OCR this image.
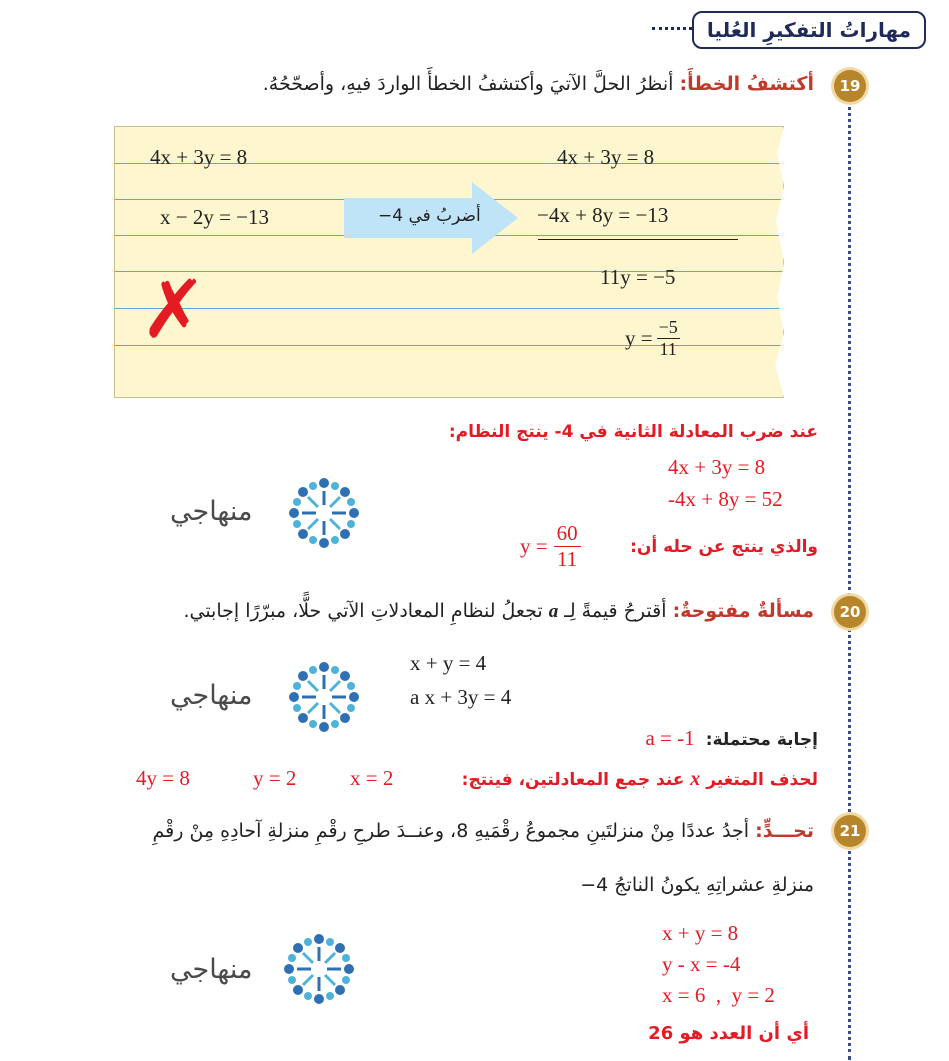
مهاراتُ التفكيرِ العُليا
19
أكتشفُ الخطأَ: أنظرُ الحلَّ الآتيَ وأكتشفُ الخطأَ الواردَ فيهِ، وأصحّحُهُ.
4x + 3y = 8
x − 2y = −13	أضربُ في 4−
4x + 3y = 8
−4x + 8y = −13
11y = −5
$y = \frac{-5}{11}$
✗
عند ضرب المعادلة الثانية في 4- ينتج النظام:
4x + 3y = 8
-4x + 8y = 52
والذي ينتج عن حله أن:
$y = \frac{60}{11}$
منهاجي
20
مسألةٌ مفتوحةٌ: أقترحُ قيمةً لِـ a تجعلُ لنظامِ المعادلاتِ الآتي حلًّا، مبرّرًا إجابتي.
x + y = 4
a x + 3y = 4
منهاجي
إجابة محتملة: a = -1
لحذف المتغير x عند جمع المعادلتين، فينتج:
x = 2
y = 2
4y = 8
21
تحـــدٍّ: أجدُ عددًا مِنْ منزلتَينِ مجموعُ رقْمَيهِ 8، وعنــدَ طرحِ رقْمِ منزلةِ آحادِهِ مِنْ رقْمِ
منزلةِ عشراتِهِ يكونُ الناتجُ 4−
x + y = 8
y - x = -4
x = 6  ,  y = 2
أي أن العدد هو 26
منهاجي
